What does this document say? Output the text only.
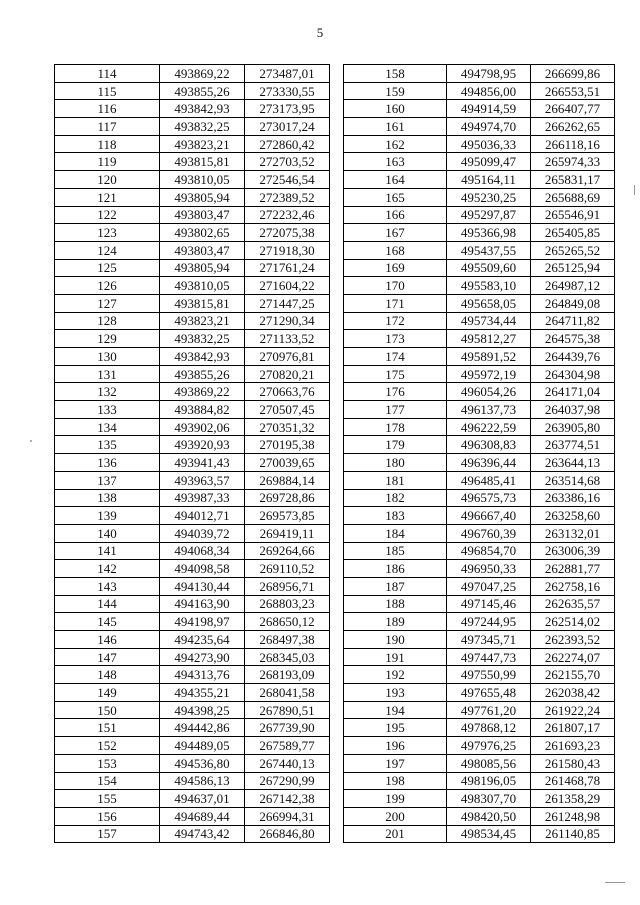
5
114	493869,22	273487,01
115	493855,26	273330,55
116	493842,93	273173,95
117	493832,25	273017,24
118	493823,21	272860,42
119	493815,81	272703,52
120	493810,05	272546,54
121	493805,94	272389,52
122	493803,47	272232,46
123	493802,65	272075,38
124	493803,47	271918,30
125	493805,94	271761,24
126	493810,05	271604,22
127	493815,81	271447,25
128	493823,21	271290,34
129	493832,25	271133,52
130	493842,93	270976,81
131	493855,26	270820,21
132	493869,22	270663,76
133	493884,82	270507,45
134	493902,06	270351,32
135	493920,93	270195,38
136	493941,43	270039,65
137	493963,57	269884,14
138	493987,33	269728,86
139	494012,71	269573,85
140	494039,72	269419,11
141	494068,34	269264,66
142	494098,58	269110,52
143	494130,44	268956,71
144	494163,90	268803,23
145	494198,97	268650,12
146	494235,64	268497,38
147	494273,90	268345,03
148	494313,76	268193,09
149	494355,21	268041,58
150	494398,25	267890,51
151	494442,86	267739,90
152	494489,05	267589,77
153	494536,80	267440,13
154	494586,13	267290,99
155	494637,01	267142,38
156	494689,44	266994,31
157	494743,42	266846,80
158	494798,95	266699,86
159	494856,00	266553,51
160	494914,59	266407,77
161	494974,70	266262,65
162	495036,33	266118,16
163	495099,47	265974,33
164	495164,11	265831,17
165	495230,25	265688,69
166	495297,87	265546,91
167	495366,98	265405,85
168	495437,55	265265,52
169	495509,60	265125,94
170	495583,10	264987,12
171	495658,05	264849,08
172	495734,44	264711,82
173	495812,27	264575,38
174	495891,52	264439,76
175	495972,19	264304,98
176	496054,26	264171,04
177	496137,73	264037,98
178	496222,59	263905,80
179	496308,83	263774,51
180	496396,44	263644,13
181	496485,41	263514,68
182	496575,73	263386,16
183	496667,40	263258,60
184	496760,39	263132,01
185	496854,70	263006,39
186	496950,33	262881,77
187	497047,25	262758,16
188	497145,46	262635,57
189	497244,95	262514,02
190	497345,71	262393,52
191	497447,73	262274,07
192	497550,99	262155,70
193	497655,48	262038,42
194	497761,20	261922,24
195	497868,12	261807,17
196	497976,25	261693,23
197	498085,56	261580,43
198	498196,05	261468,78
199	498307,70	261358,29
200	498420,50	261248,98
201	498534,45	261140,85
